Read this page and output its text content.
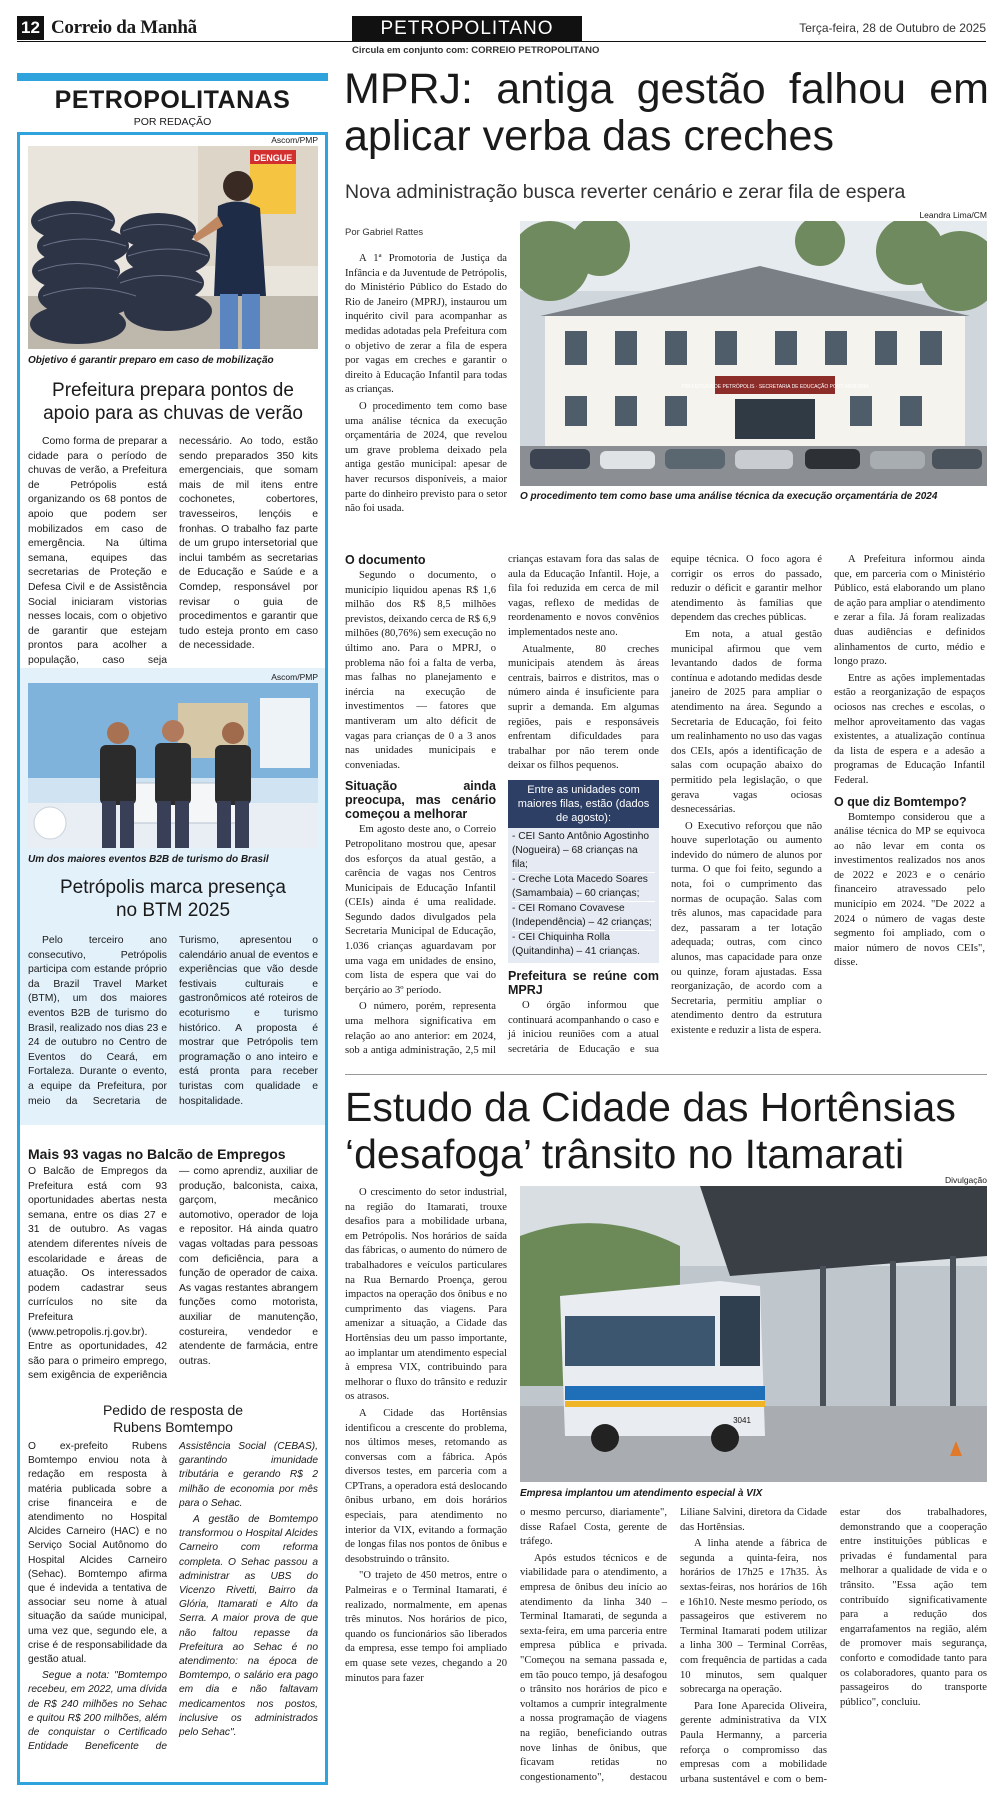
12 Correio da Manhã	PETROPOLITANO	Terça-feira, 28 de Outubro de 2025
Circula em conjunto com: CORREIO PETROPOLITANO
PETROPOLITANAS
POR REDAÇÃO
Ascom/PMP
DENGUE
Objetivo é garantir preparo em caso de mobilização
Prefeitura prepara pontos de apoio para as chuvas de verão

Como forma de preparar a cidade para o período de chuvas de verão, a Prefeitura de Petrópolis está organizando os 68 pontos de apoio que podem ser mobilizados em caso de emergência. Na última semana, equipes das secretarias de Proteção e Defesa Civil e de Assistência Social iniciaram vistorias nesses locais, com o objetivo de garantir que estejam prontos para acolher a população, caso seja necessário. Ao todo, estão sendo preparados 350 kits emergenciais, que somam mais de mil itens entre cochonetes, cobertores, travesseiros, lençóis e fronhas. O trabalho faz parte de um grupo intersetorial que inclui também as secretarias de Educação e Saúde e a Comdep, responsável por revisar o guia de procedimentos e garantir que tudo esteja pronto em caso de necessidade.

Ascom/PMP
Um dos maiores eventos B2B de turismo do Brasil
Petrópolis marca presença no BTM 2025

Pelo terceiro ano consecutivo, Petrópolis participa com estande próprio da Brazil Travel Market (BTM), um dos maiores eventos B2B de turismo do Brasil, realizado nos dias 23 e 24 de outubro no Centro de Eventos do Ceará, em Fortaleza. Durante o evento, a equipe da Prefeitura, por meio da Secretaria de Turismo, apresentou o calendário anual de eventos e experiências que vão desde festivais culturais e gastronômicos até roteiros de ecoturismo e turismo histórico. A proposta é mostrar que Petrópolis tem programação o ano inteiro e está pronta para receber turistas com qualidade e hospitalidade.

Mais 93 vagas no Balcão de Empregos

O Balcão de Empregos da Prefeitura está com 93 oportunidades abertas nesta semana, entre os dias 27 e 31 de outubro. As vagas atendem diferentes níveis de escolaridade e áreas de atuação. Os interessados podem cadastrar seus currículos no site da Prefeitura (www.petropolis.rj.gov.br). Entre as oportunidades, 42 são para o primeiro emprego, sem exigência de experiência — como aprendiz, auxiliar de produção, balconista, caixa, garçom, mecânico automotivo, operador de loja e repositor. Há ainda quatro vagas voltadas para pessoas com deficiência, para a função de operador de caixa. As vagas restantes abrangem funções como motorista, auxiliar de manutenção, costureira, vendedor e atendente de farmácia, entre outras.

Pedido de resposta de Rubens Bomtempo

O ex-prefeito Rubens Bomtempo enviou nota à redação em resposta à matéria publicada sobre a crise financeira e de atendimento no Hospital Alcides Carneiro (HAC) e no Serviço Social Autônomo do Hospital Alcides Carneiro (Sehac). Bomtempo afirma que é indevida a tentativa de associar seu nome à atual situação da saúde municipal, uma vez que, segundo ele, a crise é de responsabilidade da gestão atual.

Segue a nota: "Bomtempo recebeu, em 2022, uma dívida de R$ 240 milhões no Sehac e quitou R$ 200 milhões, além de conquistar o Certificado Entidade Beneficente de Assistência Social (CEBAS), garantindo imunidade tributária e gerando R$ 2 milhão de economia por mês para o Sehac.

A gestão de Bomtempo transformou o Hospital Alcides Carneiro com reforma completa. O Sehac passou a administrar as UBS do Vicenzo Rivetti, Bairro da Glória, Itamarati e Alto da Serra. A maior prova de que não faltou repasse da Prefeitura ao Sehac é no atendimento: na época de Bomtempo, o salário era pago em dia e não faltavam medicamentos nos postos, inclusive os administrados pelo Sehac".

MPRJ: antiga gestão falhou em aplicar verba das creches
Nova administração busca reverter cenário e zerar fila de espera
Por Gabriel Rattes

A 1ª Promotoria de Justiça da Infância e da Juventude de Petrópolis, do Ministério Público do Estado do Rio de Janeiro (MPRJ), instaurou um inquérito civil para acompanhar as medidas adotadas pela Prefeitura com o objetivo de zerar a fila de espera por vagas em creches e garantir o direito à Educação Infantil para todas as crianças.

O procedimento tem como base uma análise técnica da execução orçamentária de 2024, que revelou um grave problema deixado pela antiga gestão municipal: apesar de haver recursos disponíveis, a maior parte do dinheiro previsto para o setor não foi usada.

Leandra Lima/CM
PREFEITURA DE PETRÓPOLIS · SECRETARIA DE EDUCAÇÃO PORT MEMÓRIA
O procedimento tem como base uma análise técnica da execução orçamentária de 2024
O documento

Segundo o documento, o município liquidou apenas R$ 1,6 milhão dos R$ 8,5 milhões previstos, deixando cerca de R$ 6,9 milhões (80,76%) sem execução no último ano. Para o MPRJ, o problema não foi a falta de verba, mas falhas no planejamento e inércia na execução de investimentos — fatores que mantiveram um alto déficit de vagas para crianças de 0 a 3 anos nas unidades municipais e conveniadas.

Situação ainda preocupa, mas cenário começou a melhorar

Em agosto deste ano, o Correio Petropolitano mostrou que, apesar dos esforços da atual gestão, a carência de vagas nos Centros Municipais de Educação Infantil (CEIs) ainda é uma realidade. Segundo dados divulgados pela Secretaria Municipal de Educação, 1.036 crianças aguardavam por uma vaga em unidades de ensino, com lista de espera que vai do berçário ao 3º período.

O número, porém, representa uma melhora significativa em relação ao ano anterior: em 2024, sob a antiga administração, 2,5 mil crianças estavam fora das salas de aula da Educação Infantil. Hoje, a fila foi reduzida em cerca de mil vagas, reflexo de medidas de reordenamento e novos convênios implementados neste ano.

Atualmente, 80 creches municipais atendem às áreas centrais, bairros e distritos, mas o número ainda é insuficiente para suprir a demanda. Em algumas regiões, pais e responsáveis enfrentam dificuldades para trabalhar por não terem onde deixar os filhos pequenos.

Entre as unidades com maiores filas, estão (dados de agosto):
- CEI Santo Antônio Agostinho (Nogueira) – 68 crianças na fila;
- Creche Lota Macedo Soares (Samambaia) – 60 crianças;
- CEI Romano Covavese (Independência) – 42 crianças;
- CEI Chiquinha Rolla (Quitandinha) – 41 crianças.
Prefeitura se reúne com MPRJ

O órgão informou que continuará acompanhando o caso e já iniciou reuniões com a atual secretária de Educação e sua equipe técnica. O foco agora é corrigir os erros do passado, reduzir o déficit e garantir melhor atendimento às famílias que dependem das creches públicas.

Em nota, a atual gestão municipal afirmou que vem levantando dados de forma contínua e adotando medidas desde janeiro de 2025 para ampliar o atendimento na área. Segundo a Secretaria de Educação, foi feito um realinhamento no uso das vagas dos CEIs, após a identificação de salas com ocupação abaixo do permitido pela legislação, o que gerava vagas ociosas desnecessárias.

O Executivo reforçou que não houve superlotação ou aumento indevido do número de alunos por turma. O que foi feito, segundo a nota, foi o cumprimento das normas de ocupação. Salas com três alunos, mas capacidade para dez, passaram a ter lotação adequada; outras, com cinco alunos, mas capacidade para onze ou quinze, foram ajustadas. Essa reorganização, de acordo com a Secretaria, permitiu ampliar o atendimento dentro da estrutura existente e reduzir a lista de espera.

A Prefeitura informou ainda que, em parceria com o Ministério Público, está elaborando um plano de ação para ampliar o atendimento e zerar a fila. Já foram realizadas duas audiências e definidos alinhamentos de curto, médio e longo prazo.

Entre as ações implementadas estão a reorganização de espaços ociosos nas creches e escolas, o melhor aproveitamento das vagas existentes, a atualização contínua da lista de espera e a adesão a programas de Educação Infantil Federal.

O que diz Bomtempo?

Bomtempo considerou que a análise técnica do MP se equivoca ao não levar em conta os investimentos realizados nos anos de 2022 e 2023 e o cenário financeiro atravessado pelo município em 2024. "De 2022 a 2024 o número de vagas deste segmento foi ampliado, com o maior número de novos CEIs", disse.

Estudo da Cidade das Hortênsias ‘desafoga’ trânsito no Itamarati

O crescimento do setor industrial, na região do Itamarati, trouxe desafios para a mobilidade urbana, em Petrópolis. Nos horários de saída das fábricas, o aumento do número de trabalhadores e veículos particulares na Rua Bernardo Proença, gerou impactos na operação dos ônibus e no cumprimento das viagens. Para amenizar a situação, a Cidade das Hortênsias deu um passo importante, ao implantar um atendimento especial à empresa VIX, contribuindo para melhorar o fluxo do trânsito e reduzir os atrasos.

A Cidade das Hortênsias identificou a crescente do problema, nos últimos meses, retomando as conversas com a fábrica. Após diversos testes, em parceria com a CPTrans, a operadora está deslocando ônibus urbano, em dois horários especiais, para atendimento no interior da VIX, evitando a formação de longas filas nos pontos de ônibus e desobstruindo o trânsito.

"O trajeto de 450 metros, entre o Palmeiras e o Terminal Itamarati, é realizado, normalmente, em apenas três minutos. Nos horários de pico, quando os funcionários são liberados da empresa, esse tempo foi ampliado em quase sete vezes, chegando a 20 minutos para fazer

Divulgação
3041
Empresa implantou um atendimento especial à VIX

o mesmo percurso, diariamente", disse Rafael Costa, gerente de tráfego.

Após estudos técnicos e de viabilidade para o atendimento, a empresa de ônibus deu início ao atendimento da linha 340 – Terminal Itamarati, de segunda a sexta-feira, em uma parceria entre empresa pública e privada. "Começou na semana passada e, em tão pouco tempo, já desafogou o trânsito nos horários de pico e voltamos a cumprir integralmente a nossa programação de viagens na região, beneficiando outras nove linhas de ônibus, que ficavam retidas no congestionamento", destacou Liliane Salvini, diretora da Cidade das Hortênsias.

A linha atende a fábrica de segunda a quinta-feira, nos horários de 17h25 e 17h35. Às sextas-feiras, nos horários de 16h e 16h10. Neste mesmo período, os passageiros que estiverem no Terminal Itamarati podem utilizar a linha 300 – Terminal Corrêas, com frequência de partidas a cada 10 minutos, sem qualquer sobrecarga na operação.

Para Ione Aparecida Oliveira, gerente administrativa da VIX Paula Hermanny, a parceria reforça o compromisso das empresas com a mobilidade urbana sustentável e com o bem-estar dos trabalhadores, demonstrando que a cooperação entre instituições públicas e privadas é fundamental para melhorar a qualidade de vida e o trânsito. "Essa ação tem contribuído significativamente para a redução dos engarrafamentos na região, além de promover mais segurança, conforto e comodidade tanto para os colaboradores, quanto para os passageiros do transporte público", concluiu.
